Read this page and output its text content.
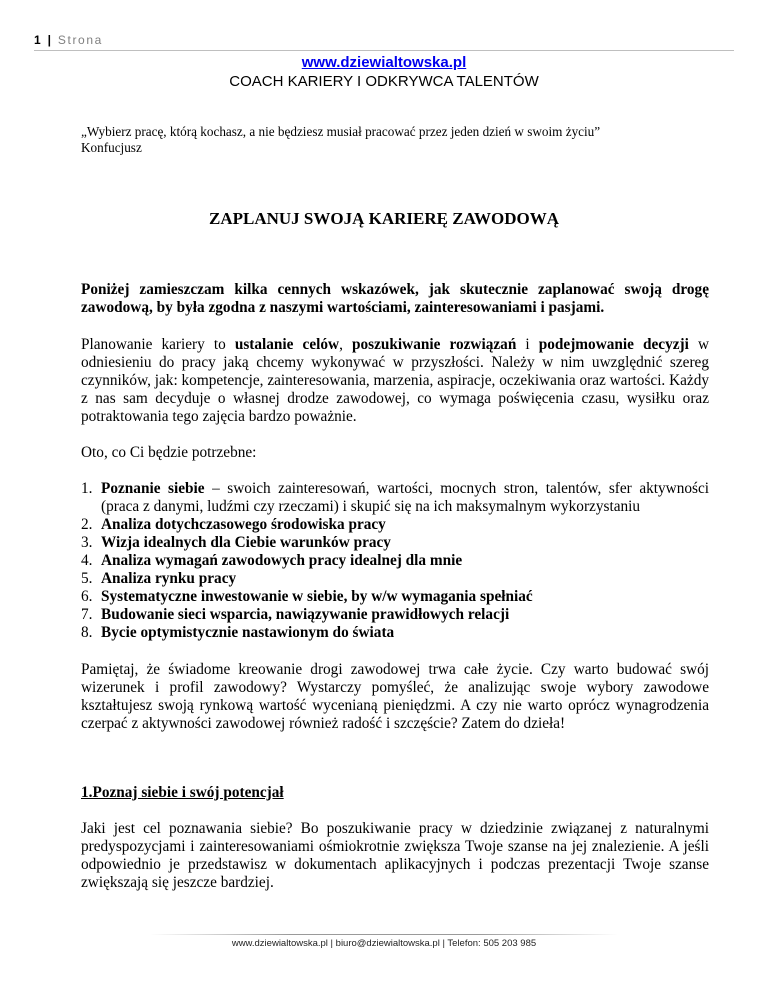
1 | Strona
www.dziewialtowska.pl
COACH KARIERY I ODKRYWCA TALENTÓW
„Wybierz pracę, którą kochasz, a nie będziesz musiał pracować przez jeden dzień w swoim życiu”
Konfucjusz
ZAPLANUJ SWOJĄ KARIERĘ ZAWODOWĄ
Poniżej zamieszczam kilka cennych wskazówek, jak skutecznie zaplanować swoją drogę zawodową, by była zgodna z naszymi wartościami, zainteresowaniami i pasjami.
Planowanie kariery to ustalanie celów, poszukiwanie rozwiązań i podejmowanie decyzji w odniesieniu do pracy jaką chcemy wykonywać w przyszłości. Należy w nim uwzględnić szereg czynników, jak: kompetencje, zainteresowania, marzenia, aspiracje, oczekiwania oraz wartości. Każdy z nas sam decyduje o własnej drodze zawodowej, co wymaga poświęcenia czasu, wysiłku oraz potraktowania tego zajęcia bardzo poważnie.
Oto, co Ci będzie potrzebne:
1. Poznanie siebie – swoich zainteresowań, wartości, mocnych stron, talentów, sfer aktywności (praca z danymi, ludźmi czy rzeczami) i skupić się na ich maksymalnym wykorzystaniu
2. Analiza dotychczasowego środowiska pracy
3. Wizja idealnych dla Ciebie warunków pracy
4. Analiza wymagań zawodowych pracy idealnej dla mnie
5. Analiza rynku pracy
6. Systematyczne inwestowanie w siebie, by w/w wymagania spełniać
7. Budowanie sieci wsparcia, nawiązywanie prawidłowych relacji
8. Bycie optymistycznie nastawionym do świata
Pamiętaj, że świadome kreowanie drogi zawodowej trwa całe życie. Czy warto budować swój wizerunek i profil zawodowy? Wystarczy pomyśleć, że analizując swoje wybory zawodowe kształtujesz swoją rynkową wartość wycenianą pieniędzmi. A czy nie warto oprócz wynagrodzenia czerpać z aktywności zawodowej również radość i szczęście? Zatem do dzieła!
1.Poznaj siebie i swój potencjał
Jaki jest cel poznawania siebie? Bo poszukiwanie pracy w dziedzinie związanej z naturalnymi predyspozycjami i zainteresowaniami ośmiokrotnie zwiększa Twoje szanse na jej znalezienie. A jeśli odpowiednio je przedstawisz w dokumentach aplikacyjnych i podczas prezentacji Twoje szanse zwiększają się jeszcze bardziej.
www.dziewialtowska.pl | biuro@dziewialtowska.pl | Telefon: 505 203 985
